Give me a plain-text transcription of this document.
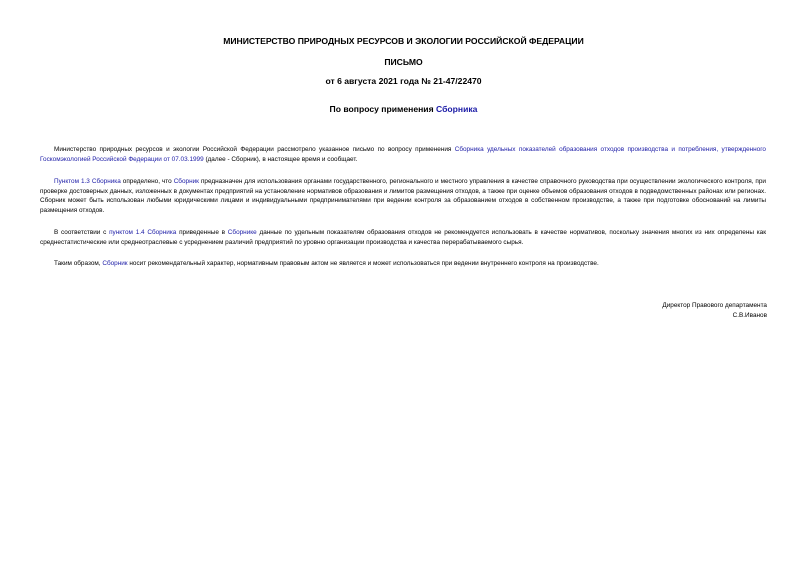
МИНИСТЕРСТВО ПРИРОДНЫХ РЕСУРСОВ И ЭКОЛОГИИ РОССИЙСКОЙ ФЕДЕРАЦИИ
ПИСЬМО
от 6 августа 2021 года № 21-47/22470
По вопросу применения Сборника
Министерство природных ресурсов и экологии Российской Федерации рассмотрело указанное письмо по вопросу применения Сборника удельных показателей образования отходов производства и потребления, утвержденного Госкомэкологией Российской Федерации от 07.03.1999 (далее - Сборник), в настоящее время и сообщает.
Пунктом 1.3 Сборника определено, что Сборник предназначен для использования органами государственного, регионального и местного управления в качестве справочного руководства при осуществлении экологического контроля, при проверке достоверных данных, изложенных в документах предприятий на установление нормативов образования и лимитов размещения отходов, а также при оценке объемов образования отходов в подведомственных районах или регионах. Сборник может быть использован любыми юридическими лицами и индивидуальными предпринимателями при ведении контроля за образованием отходов в собственном производстве, а также при подготовке обоснований на лимиты размещения отходов.
В соответствии с пунктом 1.4 Сборника приведенные в Сборнике данные по удельным показателям образования отходов не рекомендуется использовать в качестве нормативов, поскольку значения многих из них определены как среднестатистические или среднеотраслевые с усреднением различий предприятий по уровню организации производства и качества перерабатываемого сырья.
Таким образом, Сборник носит рекомендательный характер, нормативным правовым актом не является и может использоваться при ведении внутреннего контроля на производстве.
Директор Правового департамента
С.В.Иванов
